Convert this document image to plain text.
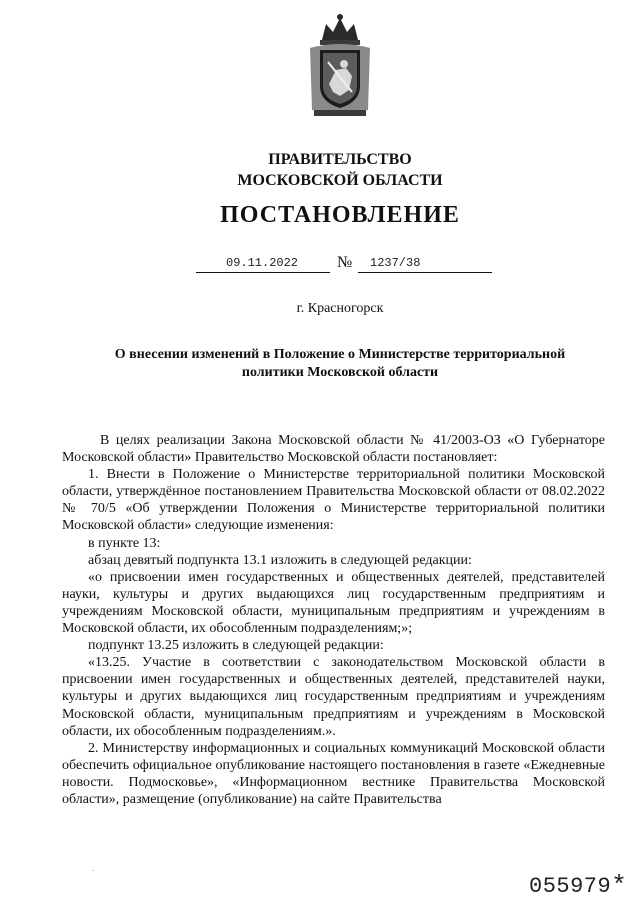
ПРАВИТЕЛЬСТВО
МОСКОВСКОЙ ОБЛАСТИ
ПОСТАНОВЛЕНИЕ
09.11.2022 № 1237/38
г. Красногорск
О внесении изменений в Положение о Министерстве территориальной
политики Московской области

В целях реализации Закона Московской области № 41/2003-ОЗ «О Губернаторе Московской области» Правительство Московской области постановляет:

1. Внести в Положение о Министерстве территориальной политики Московской области, утверждённое постановлением Правительства Московской области от 08.02.2022 № 70/5 «Об утверждении Положения о Министерстве территориальной политики Московской области» следующие изменения:

в пункте 13:

абзац девятый подпункта 13.1 изложить в следующей редакции:

«о присвоении имен государственных и общественных деятелей, представителей науки, культуры и других выдающихся лиц государственным предприятиям и учреждениям Московской области, муниципальным предприятиям и учреждениям в Московской области, их обособленным подразделениям;»;

подпункт 13.25 изложить в следующей редакции:

«13.25. Участие в соответствии с законодательством Московской области в присвоении имен государственных и общественных деятелей, представителей науки, культуры и других выдающихся лиц государственным предприятиям и учреждениям Московской области, муниципальным предприятиям и учреждениям в Московской области, их обособленным подразделениям.».

2. Министерству информационных и социальных коммуникаций Московской области обеспечить официальное опубликование настоящего постановления в газете «Ежедневные новости. Подмосковье», «Информационном вестнике Правительства Московской области», размещение (опубликование) на сайте Правительства

.
055979*
